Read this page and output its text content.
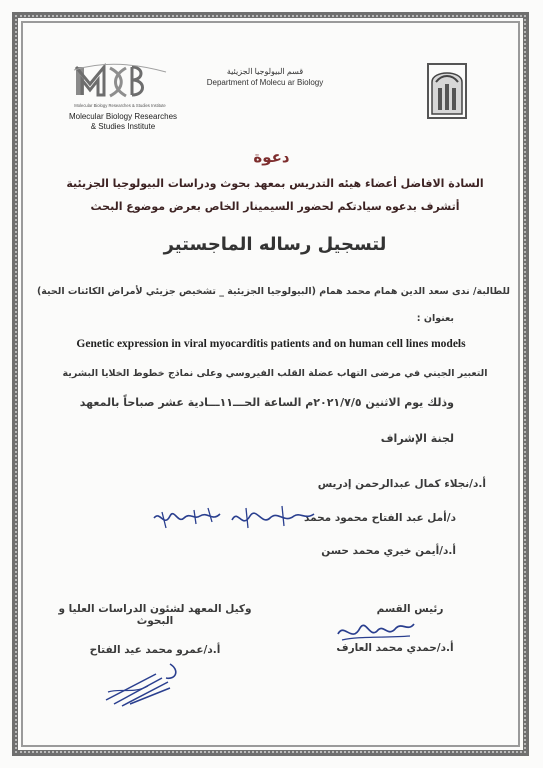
Molecular Biology Researches & Studies Institute
Molecular Biology Researches
& Studies Institute
قسم البيولوجيا الجزيئية
Department of Molecu ar Biology
دعوة
السادة الافاضل أعضاء هيئه التدريس بمعهد بحوث ودراسات البيولوجيا الجزيئية
أتشرف بدعوه سيادتكم لحضور السيمينار الخاص بعرض موضوع البحث
لتسجيل رساله الماجستير
للطالبة/ ندى سعد الدين همام محمد همام (البيولوجيا الجزيئية _ تشخيص جزيئي لأمراض الكائنات الحية)
بعنوان :
Genetic expression in viral myocarditis patients and on human cell lines models
التعبير الجيني في مرضى التهاب عضلة القلب الفيروسي وعلى نماذج خطوط الخلايا البشرية
وذلك يوم الاثنين ٢٠٢١/٧/٥م الساعة الحـــ١١ـــادية عشر صباحاً بالمعهد
لجنة الإشراف
أ.د/نجلاء كمال عبدالرحمن إدريس
د/أمل عبد الفتاح محمود محمد
أ.د/أيمن خيري محمد حسن
رئيس القسم
وكيل المعهد لشئون الدراسات العليا و البحوث
أ.د/حمدي محمد العارف
أ.د/عمرو محمد عيد الفتاح
